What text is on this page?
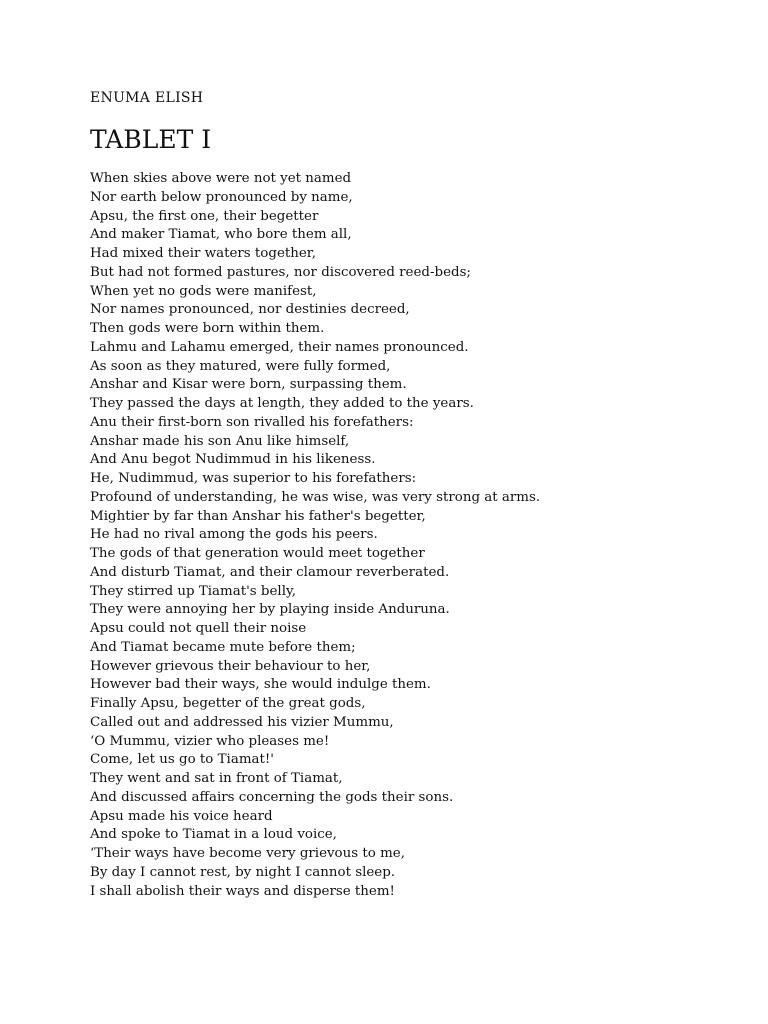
ENUMA ELISH

TABLET I
When skies above were not yet named
Nor earth below pronounced by name,
Apsu, the first one, their begetter
And maker Tiamat, who bore them all,
Had mixed their waters together,
But had not formed pastures, nor discovered reed-beds;
When yet no gods were manifest,
Nor names pronounced, nor destinies decreed,
Then gods were born within them.
Lahmu and Lahamu emerged, their names pronounced.
As soon as they matured, were fully formed,
Anshar and Kisar were born, surpassing them.
They passed the days at length, they added to the years.
Anu their first-born son rivalled his forefathers:
Anshar made his son Anu like himself,
And Anu begot Nudimmud in his likeness.
He, Nudimmud, was superior to his forefathers:
Profound of understanding, he was wise, was very strong at arms.
Mightier by far than Anshar his father's begetter,
He had no rival among the gods his peers.
The gods of that generation would meet together
And disturb Tiamat, and their clamour reverberated.
They stirred up Tiamat's belly,
They were annoying her by playing inside Anduruna.
Apsu could not quell their noise
And Tiamat became mute before them;
However grievous their behaviour to her,
However bad their ways, she would indulge them.
Finally Apsu, begetter of the great gods,
Called out and addressed his vizier Mummu,
‘O Mummu, vizier who pleases me!
Come, let us go to Tiamat!'
They went and sat in front of Tiamat,
And discussed affairs concerning the gods their sons.
Apsu made his voice heard
And spoke to Tiamat in a loud voice,
‘Their ways have become very grievous to me,
By day I cannot rest, by night I cannot sleep.
I shall abolish their ways and disperse them!
